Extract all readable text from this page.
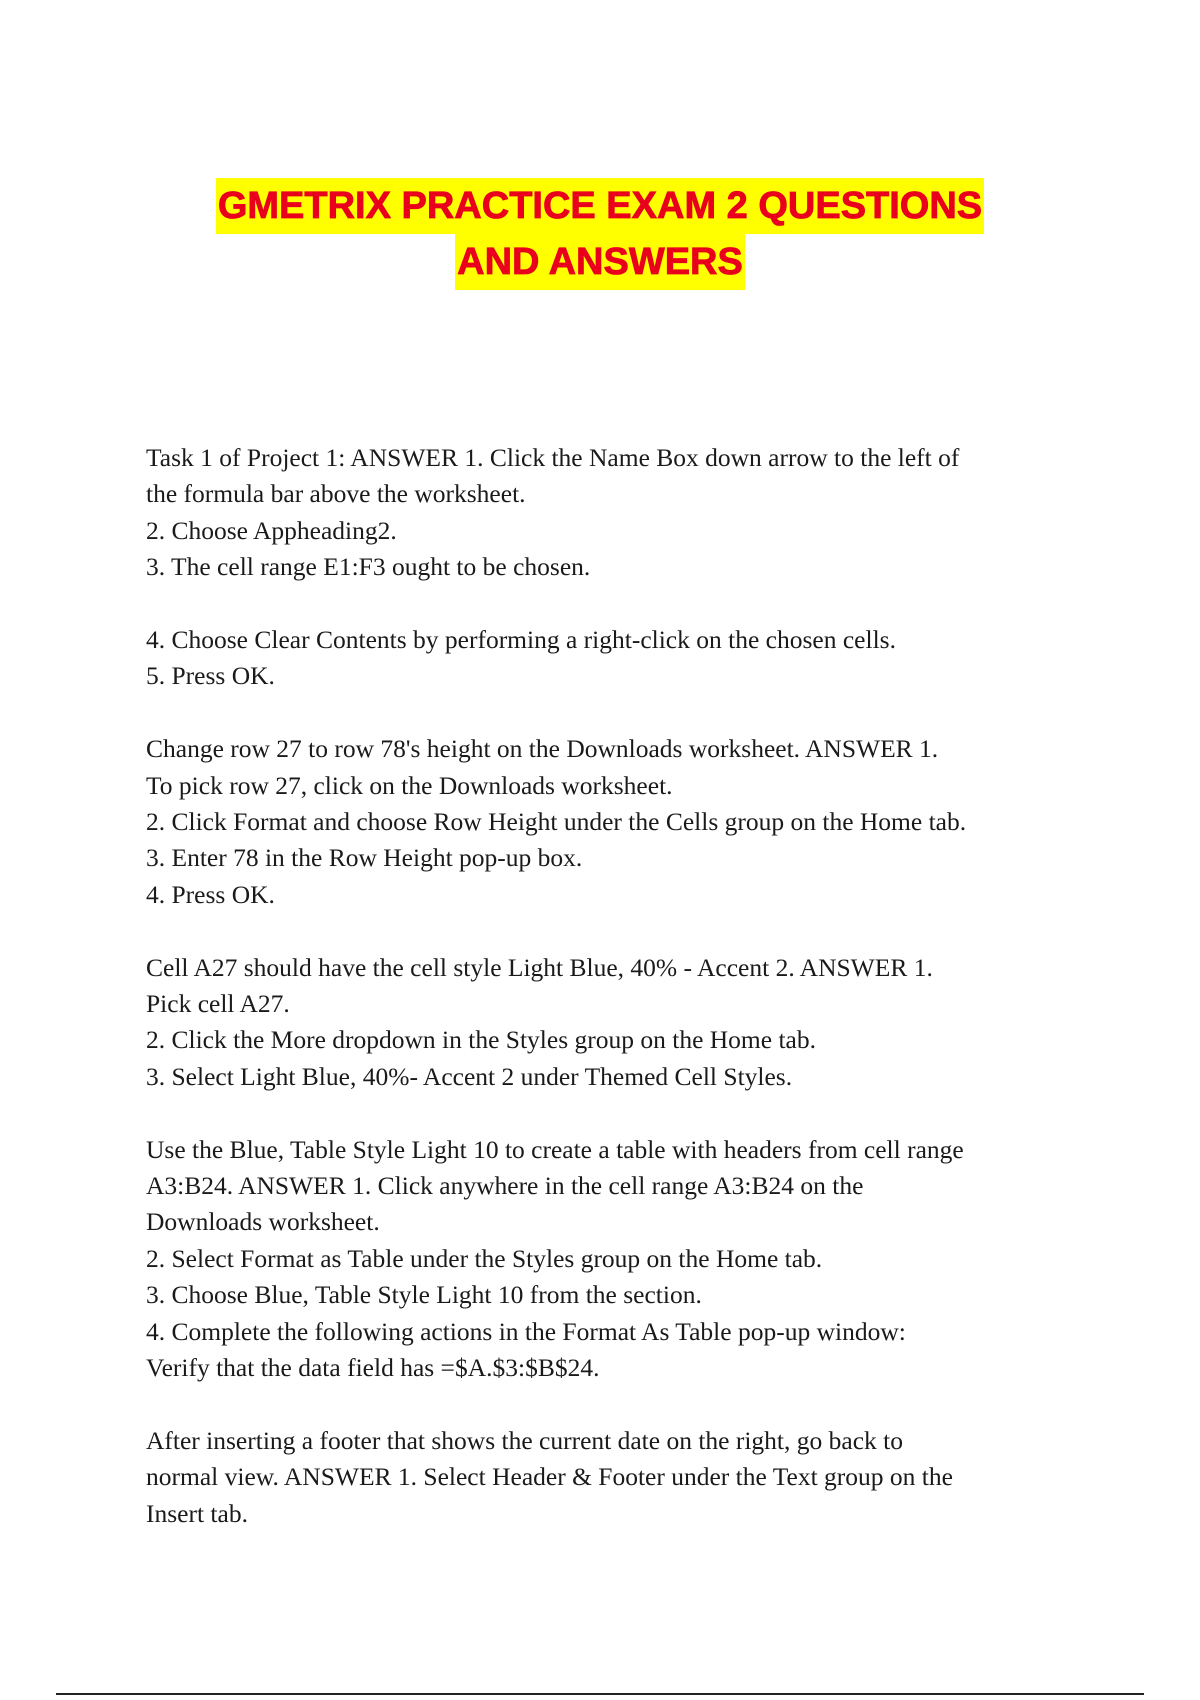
GMETRIX PRACTICE EXAM 2 QUESTIONS
AND ANSWERS
Task 1 of Project 1: ANSWER 1. Click the Name Box down arrow to the left of
the formula bar above the worksheet.
2. Choose Appheading2.
3. The cell range E1:F3 ought to be chosen.
4. Choose Clear Contents by performing a right-click on the chosen cells.
5. Press OK.
Change row 27 to row 78's height on the Downloads worksheet. ANSWER 1.
To pick row 27, click on the Downloads worksheet.
2. Click Format and choose Row Height under the Cells group on the Home tab.
3. Enter 78 in the Row Height pop-up box.
4. Press OK.
Cell A27 should have the cell style Light Blue, 40% - Accent 2. ANSWER 1.
Pick cell A27.
2. Click the More dropdown in the Styles group on the Home tab.
3. Select Light Blue, 40%- Accent 2 under Themed Cell Styles.
Use the Blue, Table Style Light 10 to create a table with headers from cell range
A3:B24. ANSWER 1. Click anywhere in the cell range A3:B24 on the
Downloads worksheet.
2. Select Format as Table under the Styles group on the Home tab.
3. Choose Blue, Table Style Light 10 from the section.
4. Complete the following actions in the Format As Table pop-up window:
Verify that the data field has =$A.$3:$B$24.
After inserting a footer that shows the current date on the right, go back to
normal view. ANSWER 1. Select Header & Footer under the Text group on the
Insert tab.
